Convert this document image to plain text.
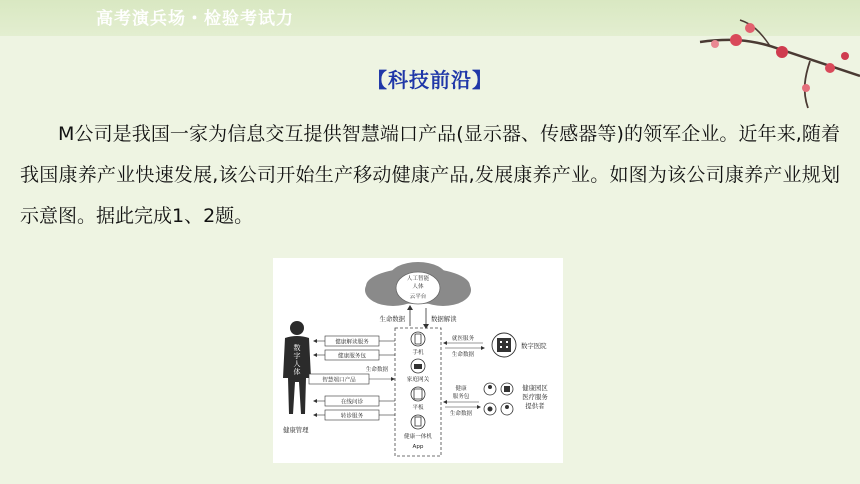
高考演兵场・检验考试力
【科技前沿】
M公司是我国一家为信息交互提供智慧端口产品(显示器、传感器等)的领军企业。近年来,随着我国康养产业快速发展,该公司开始生产移动健康产品,发展康养产业。如图为该公司康养产业规划示意图。据此完成1、2题。
人工智能
人体
云平台
生命数据	数据解读
手机
家庭网关
平板
健康一体机
App
数
字
人
体
健康管理
健康解读服务
健康服务包
智慧端口产品
生命数据
在线问诊
转诊服务
就医服务
生命数据
数字医院
健康
服务包
生命数据
健康园区
医疗服务
提供者
